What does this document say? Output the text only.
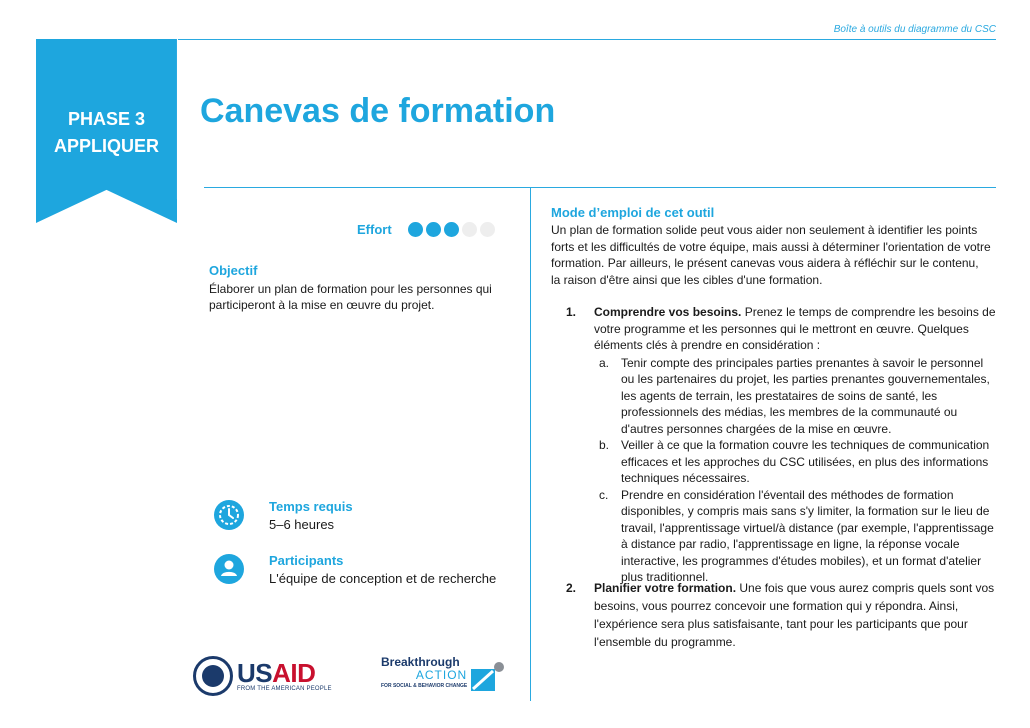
Boîte à outils du diagramme du CSC
PHASE 3
APPLIQUER
Canevas de formation
Effort
Objectif
Élaborer un plan de formation pour les personnes qui participeront à la mise en œuvre du projet.
Temps requis
5–6 heures
Participants
L'équipe de conception et de recherche
USAID
FROM THE AMERICAN PEOPLE
Breakthrough
ACTION
FOR SOCIAL & BEHAVIOR CHANGE
Mode d’emploi de cet outil
Un plan de formation solide peut vous aider non seulement à identifier les points forts et les difficultés de votre équipe, mais aussi à déterminer l'orientation de votre formation. Par ailleurs, le présent canevas vous aidera à réfléchir sur le contenu, la raison d'être ainsi que les cibles d'une formation.
1. Comprendre vos besoins. Prenez le temps de comprendre les besoins de votre programme et les personnes qui le mettront en œuvre. Quelques éléments clés à prendre en considération :
a. Tenir compte des principales parties prenantes à savoir le personnel ou les partenaires du projet, les parties prenantes gouvernementales, les agents de terrain, les prestataires de soins de santé, les professionnels des médias, les membres de la communauté ou d'autres personnes chargées de la mise en œuvre.
b. Veiller à ce que la formation couvre les techniques de communication efficaces et les approches du CSC utilisées, en plus des informations techniques nécessaires.
c. Prendre en considération l'éventail des méthodes de formation disponibles, y compris mais sans s'y limiter, la formation sur le lieu de travail, l'apprentissage virtuel/à distance (par exemple, l'apprentissage à distance par radio, l'apprentissage en ligne, la réponse vocale interactive, les programmes d'études mobiles), et un format d'atelier plus traditionnel.
2. Planifier votre formation. Une fois que vous aurez compris quels sont vos besoins, vous pourrez concevoir une formation qui y répondra. Ainsi, l'expérience sera plus satisfaisante, tant pour les participants que pour l'ensemble du programme.
